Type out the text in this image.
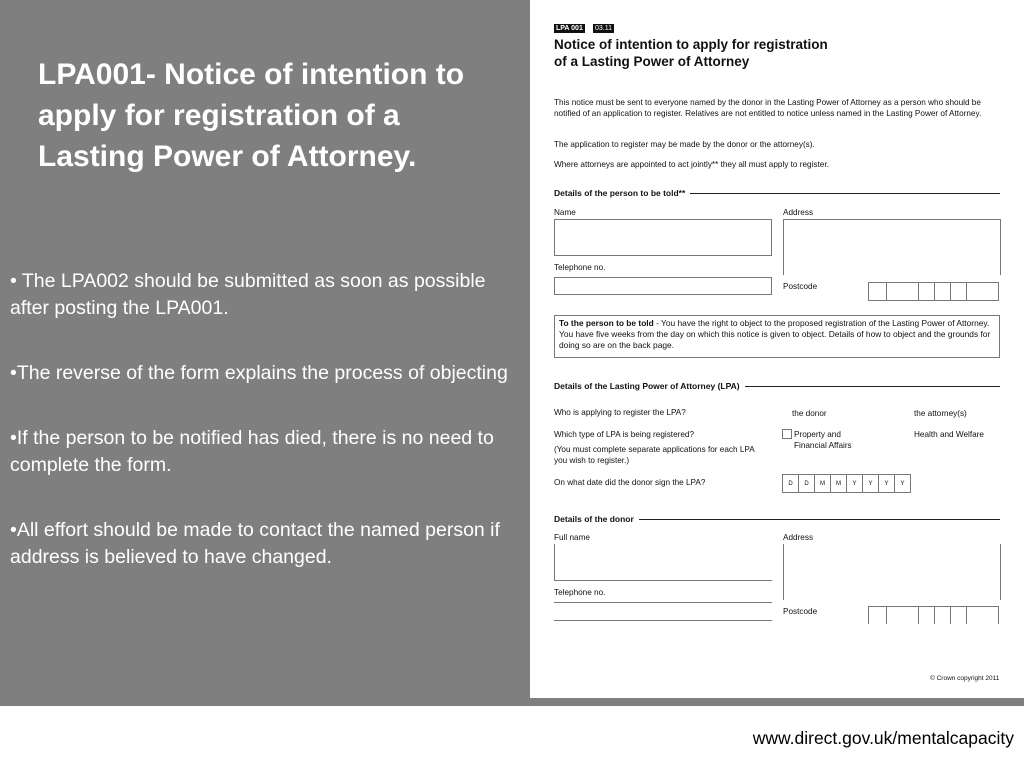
LPA001- Notice of intention to apply for registration of a Lasting Power of Attorney.

• The LPA002 should be submitted as soon as possible after posting the LPA001.

•The reverse of the form explains the process of objecting

•If the person to be notified has died, there is no need to complete the form.

•All effort should be made to contact the named person if address is believed to have changed.

LPA 001 03.11
Notice of intention to apply for registration
of a Lasting Power of Attorney
This notice must be sent to everyone named by the donor in the Lasting Power of Attorney as a person who should be notified of an application to register. Relatives are not entitled to notice unless named in the Lasting Power of Attorney.
The application to register may be made by the donor or the attorney(s).
Where attorneys are appointed to act jointly** they all must apply to register.
Details of the person to be told**
Name	Address
Telephone no.
Postcode
To the person to be told - You have the right to object to the proposed registration of the Lasting Power of Attorney. You have five weeks from the day on which this notice is given to object. Details of how to object and the grounds for doing so are on the back page.
Details of the Lasting Power of Attorney (LPA)
Who is applying to register the LPA?	the donor	the attorney(s)
Which type of LPA is being registered?	Property and Financial Affairs
Health and Welfare
(You must complete separate applications for each LPA you wish to register.)
On what date did the donor sign the LPA?	D	D	M	M	Y	Y	Y	Y
Details of the donor
Full name	Address
Telephone no.
Postcode
© Crown copyright 2011
www.direct.gov.uk/mentalcapacity
